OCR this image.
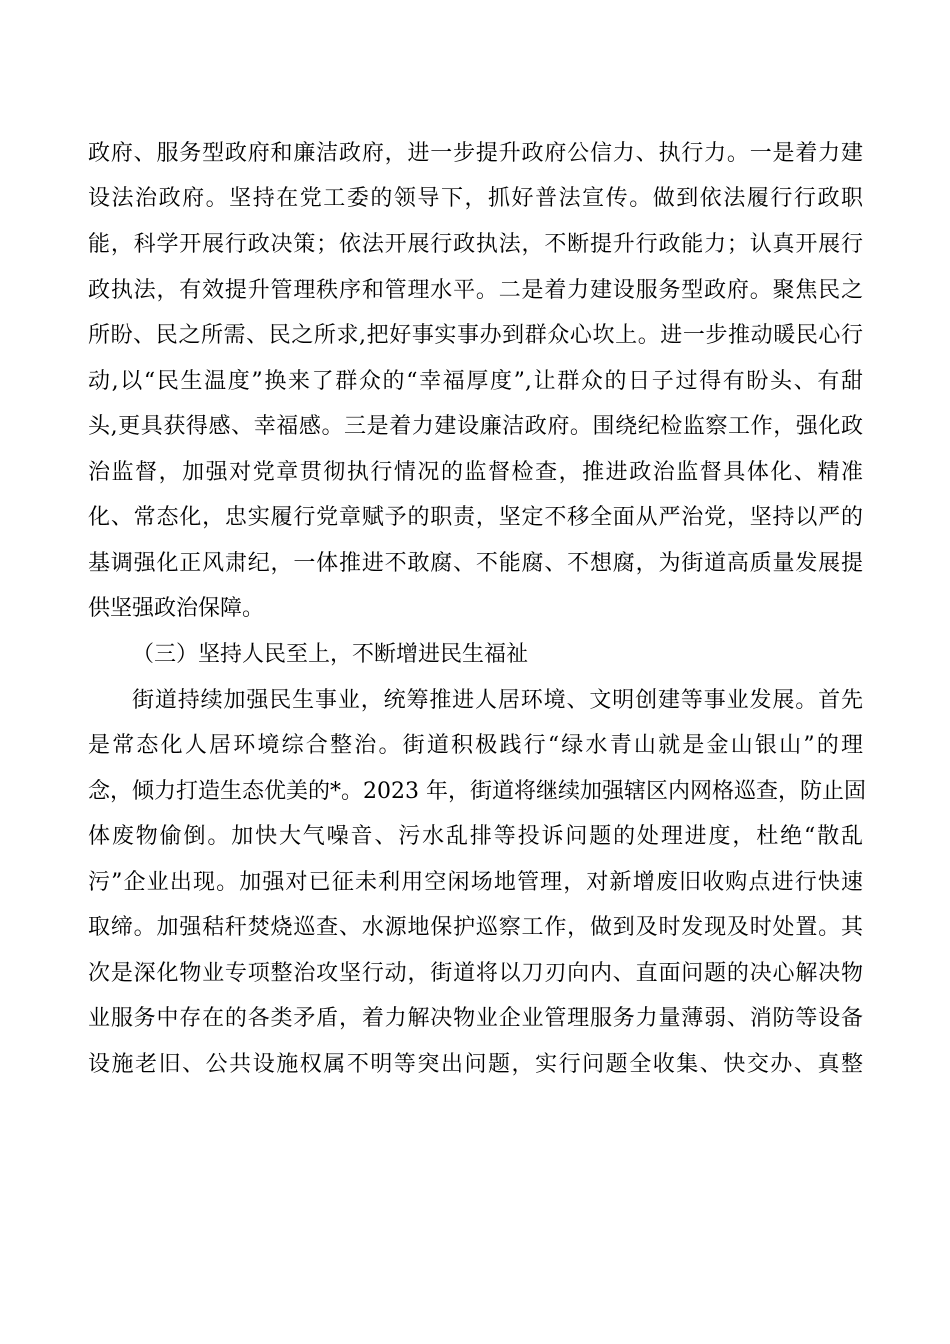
政府、服务型政府和廉洁政府，进一步提升政府公信力、执行力。一是着力建
设法治政府。坚持在党工委的领导下，抓好普法宣传。做到依法履行行政职
能，科学开展行政决策；依法开展行政执法，不断提升行政能力；认真开展行
政执法，有效提升管理秩序和管理水平。二是着力建设服务型政府。聚焦民之
所盼、民之所需、民之所求,把好事实事办到群众心坎上。进一步推动暖民心行
动,以“民生温度”换来了群众的“幸福厚度”,让群众的日子过得有盼头、有甜
头,更具获得感、幸福感。三是着力建设廉洁政府。围绕纪检监察工作，强化政
治监督，加强对党章贯彻执行情况的监督检查，推进政治监督具体化、精准
化、常态化，忠实履行党章赋予的职责，坚定不移全面从严治党，坚持以严的
基调强化正风肃纪，一体推进不敢腐、不能腐、不想腐，为街道高质量发展提
供坚强政治保障。
（三）坚持人民至上，不断增进民生福祉
街道持续加强民生事业，统筹推进人居环境、文明创建等事业发展。首先
是常态化人居环境综合整治。街道积极践行“绿水青山就是金山银山”的理
念，倾力打造生态优美的*。2023 年，街道将继续加强辖区内网格巡查，防止固
体废物偷倒。加快大气噪音、污水乱排等投诉问题的处理进度，杜绝“散乱
污”企业出现。加强对已征未利用空闲场地管理，对新增废旧收购点进行快速
取缔。加强秸秆焚烧巡查、水源地保护巡察工作，做到及时发现及时处置。其
次是深化物业专项整治攻坚行动，街道将以刀刃向内、直面问题的决心解决物
业服务中存在的各类矛盾，着力解决物业企业管理服务力量薄弱、消防等设备
设施老旧、公共设施权属不明等突出问题，实行问题全收集、快交办、真整
